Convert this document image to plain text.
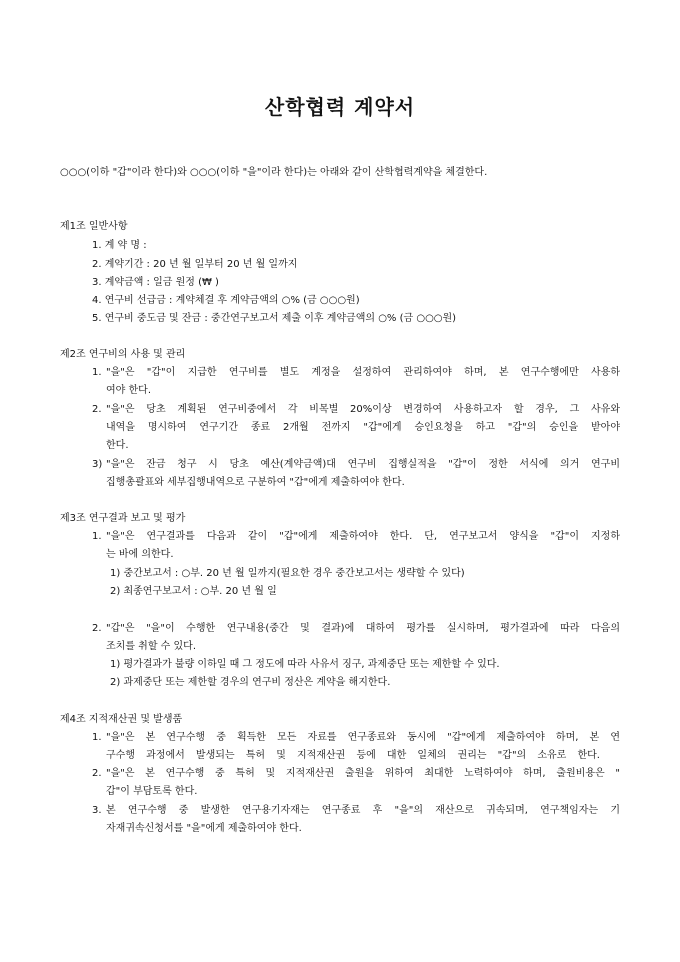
산학협력 계약서
○○○(이하 "갑"이라 한다)와 ○○○(이하 "을"이라 한다)는 아래와 같이 산학협력계약을 체결한다.
제1조 일반사항
1. 계 약 명 :
2. 계약기간 : 20 년 월 일부터 20 년 월 일까지
3. 계약금액 : 일금 원정 (₩ )
4. 연구비 선급금 : 계약체결 후 계약금액의 ○% (금 ○○○원)
5. 연구비 중도금 및 잔금 : 중간연구보고서 제출 이후 계약금액의 ○% (금 ○○○원)
제2조 연구비의 사용 및 관리
1. "을"은 "갑"이 지급한 연구비를 별도 계정을 설정하여 관리하여야 하며, 본 연구수행에만 사용하
여야 한다.
2. "을"은 당초 계획된 연구비중에서 각 비목별 20%이상 변경하여 사용하고자 할 경우, 그 사유와
내역을 명시하여 연구기간 종료 2개월 전까지 "갑"에게 승인요청을 하고 "갑"의 승인을 받아야
한다.
3) "을"은 잔금 청구 시 당초 예산(계약금액)대 연구비 집행실적을 "갑"이 정한 서식에 의거 연구비
집행총괄표와 세부집행내역으로 구분하여 "갑"에게 제출하여야 한다.
제3조 연구결과 보고 및 평가
1. "을"은 연구결과를 다음과 같이 "갑"에게 제출하여야 한다. 단, 연구보고서 양식을 "갑"이 지정하
는 바에 의한다.
1) 중간보고서 : ○부. 20 년 월 일까지(필요한 경우 중간보고서는 생략할 수 있다)
2) 최종연구보고서 : ○부. 20 년 월 일
2. "갑"은 "을"이 수행한 연구내용(중간 및 결과)에 대하여 평가를 실시하며, 평가결과에 따라 다음의
조치를 취할 수 있다.
1) 평가결과가 불량 이하일 때 그 정도에 따라 사유서 징구, 과제중단 또는 제한할 수 있다.
2) 과제중단 또는 제한할 경우의 연구비 정산은 계약을 해지한다.
제4조 지적재산권 및 발생품
1. "을"은 본 연구수행 중 획득한 모든 자료를 연구종료와 동시에 "갑"에게 제출하여야 하며, 본 연
구수행 과정에서 발생되는 특허 및 지적재산권 등에 대한 일체의 권리는 "갑"의 소유로 한다.
2. "을"은 본 연구수행 중 특허 및 지적재산권 출원을 위하여 최대한 노력하여야 하며, 출원비용은 "
갑"이 부담토록 한다.
3. 본 연구수행 중 발생한 연구용기자재는 연구종료 후 "을"의 재산으로 귀속되며, 연구책임자는 기
자재귀속신청서를 "을"에게 제출하여야 한다.
